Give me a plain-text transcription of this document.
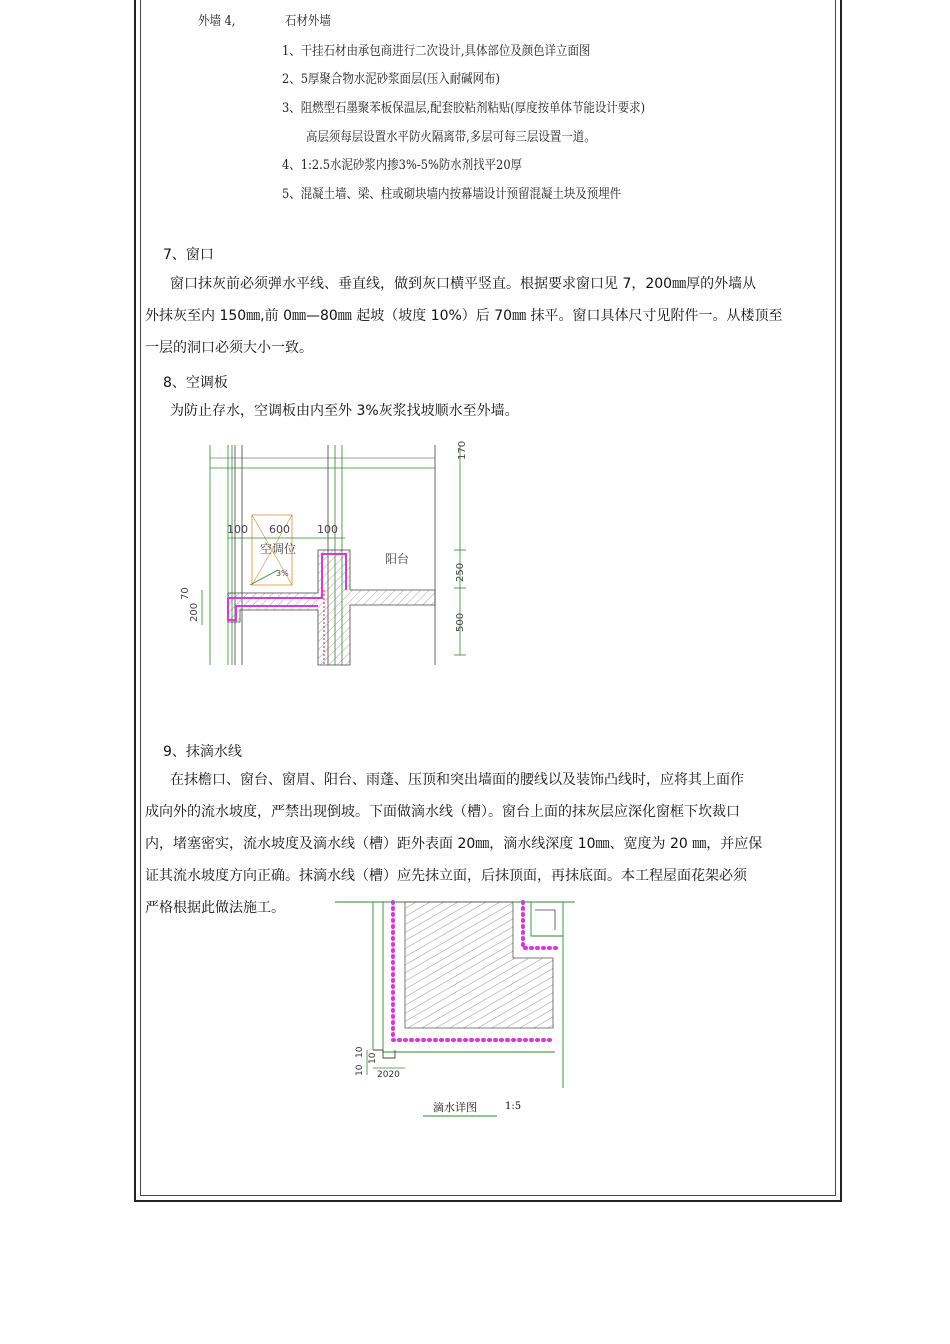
外墙 4,	石材外墙
1、干挂石材由承包商进行二次设计,具体部位及颜色详立面图
2、5厚聚合物水泥砂浆面层(压入耐碱网布)
3、阻燃型石墨聚苯板保温层,配套胶粘剂粘贴(厚度按单体节能设计要求)
高层须每层设置水平防火隔离带,多层可每三层设置一道。
4、1:2.5水泥砂浆内掺3%-5%防水剂找平20厚
5、混凝土墙、梁、柱或砌块墙内按幕墙设计预留混凝土块及预埋件
7、窗口
窗口抹灰前必须弹水平线、垂直线，做到灰口横平竖直。根据要求窗口见 7，200㎜厚的外墙从
外抹灰至内 150㎜,前 0㎜—80㎜ 起坡（坡度 10%）后 70㎜ 抹平。窗口具体尺寸见附件一。从楼顶至
一层的洞口必须大小一致。
8、空调板
为防止存水，空调板由内至外 3%灰浆找坡顺水至外墙。
空调位
3%
阳台
100 600 100
170
250
500
200
70
9、抹滴水线
在抹檐口、窗台、窗眉、阳台、雨蓬、压顶和突出墙面的腰线以及装饰凸线时，应将其上面作
成向外的流水坡度，严禁出现倒坡。下面做滴水线（槽）。窗台上面的抹灰层应深化窗框下坎裁口
内，堵塞密实，流水坡度及滴水线（槽）距外表面 20㎜，滴水线深度 10㎜、宽度为 20 ㎜，并应保
证其流水坡度方向正确。抹滴水线（槽）应先抹立面，后抹顶面，再抹底面。本工程屋面花架必须
严格根据此做法施工。
10
10
10
2020
滴水详图	1:5
